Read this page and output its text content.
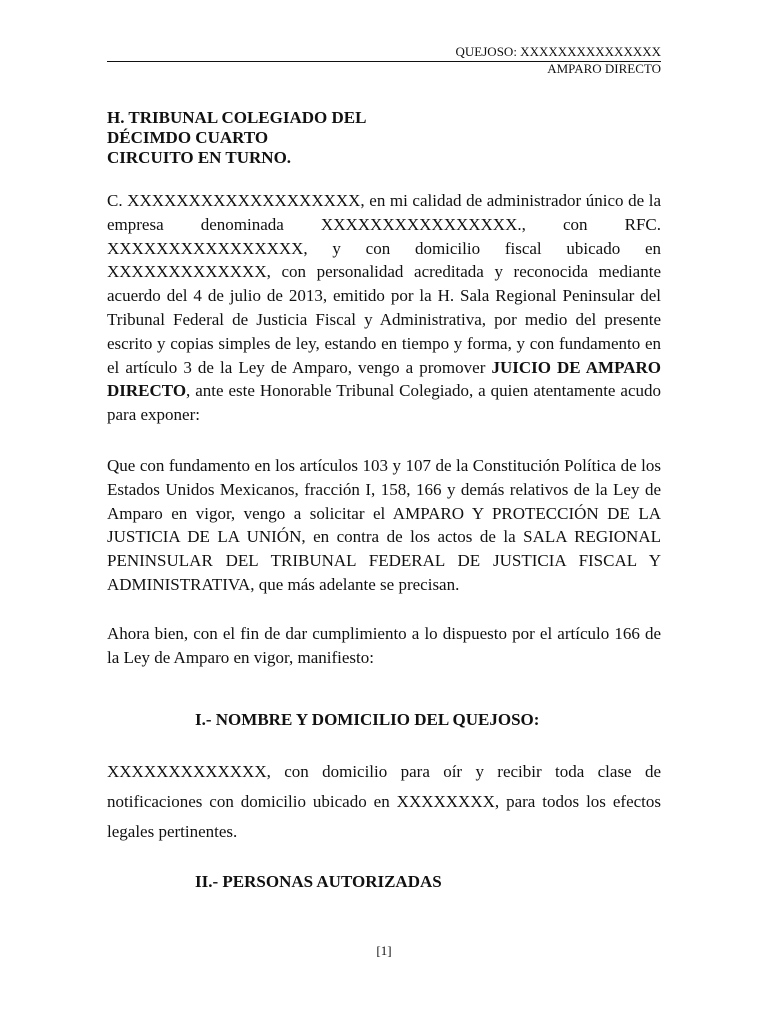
QUEJOSO: XXXXXXXXXXXXXXX
AMPARO DIRECTO
H. TRIBUNAL COLEGIADO DEL
DÉCIMDO CUARTO
CIRCUITO EN TURNO.

C. XXXXXXXXXXXXXXXXXXX, en mi calidad de administrador único de la empresa denominada XXXXXXXXXXXXXXXX., con RFC. XXXXXXXXXXXXXXXX, y con domicilio fiscal ubicado en XXXXXXXXXXXXX, con personalidad acreditada y reconocida mediante acuerdo del 4 de julio de 2013, emitido por la H. Sala Regional Peninsular del Tribunal Federal de Justicia Fiscal y Administrativa, por medio del presente escrito y copias simples de ley, estando en tiempo y forma, y con fundamento en el artículo 3 de la Ley de Amparo, vengo a promover JUICIO DE AMPARO DIRECTO, ante este Honorable Tribunal Colegiado, a quien atentamente acudo para exponer:

Que con fundamento en los artículos 103 y 107 de la Constitución Política de los Estados Unidos Mexicanos, fracción I, 158, 166 y demás relativos de la Ley de Amparo en vigor, vengo a solicitar el AMPARO Y PROTECCIÓN DE LA JUSTICIA DE LA UNIÓN, en contra de los actos de la SALA REGIONAL PENINSULAR DEL TRIBUNAL FEDERAL DE JUSTICIA FISCAL Y ADMINISTRATIVA, que más adelante se precisan.

Ahora bien, con el fin de dar cumplimiento a lo dispuesto por el artículo 166 de la Ley de Amparo en vigor, manifiesto:

I.- NOMBRE Y DOMICILIO DEL QUEJOSO:

XXXXXXXXXXXXX, con domicilio para oír y recibir toda clase de notificaciones con domicilio ubicado en XXXXXXXX, para todos los efectos legales pertinentes.

II.- PERSONAS AUTORIZADAS
[1]
